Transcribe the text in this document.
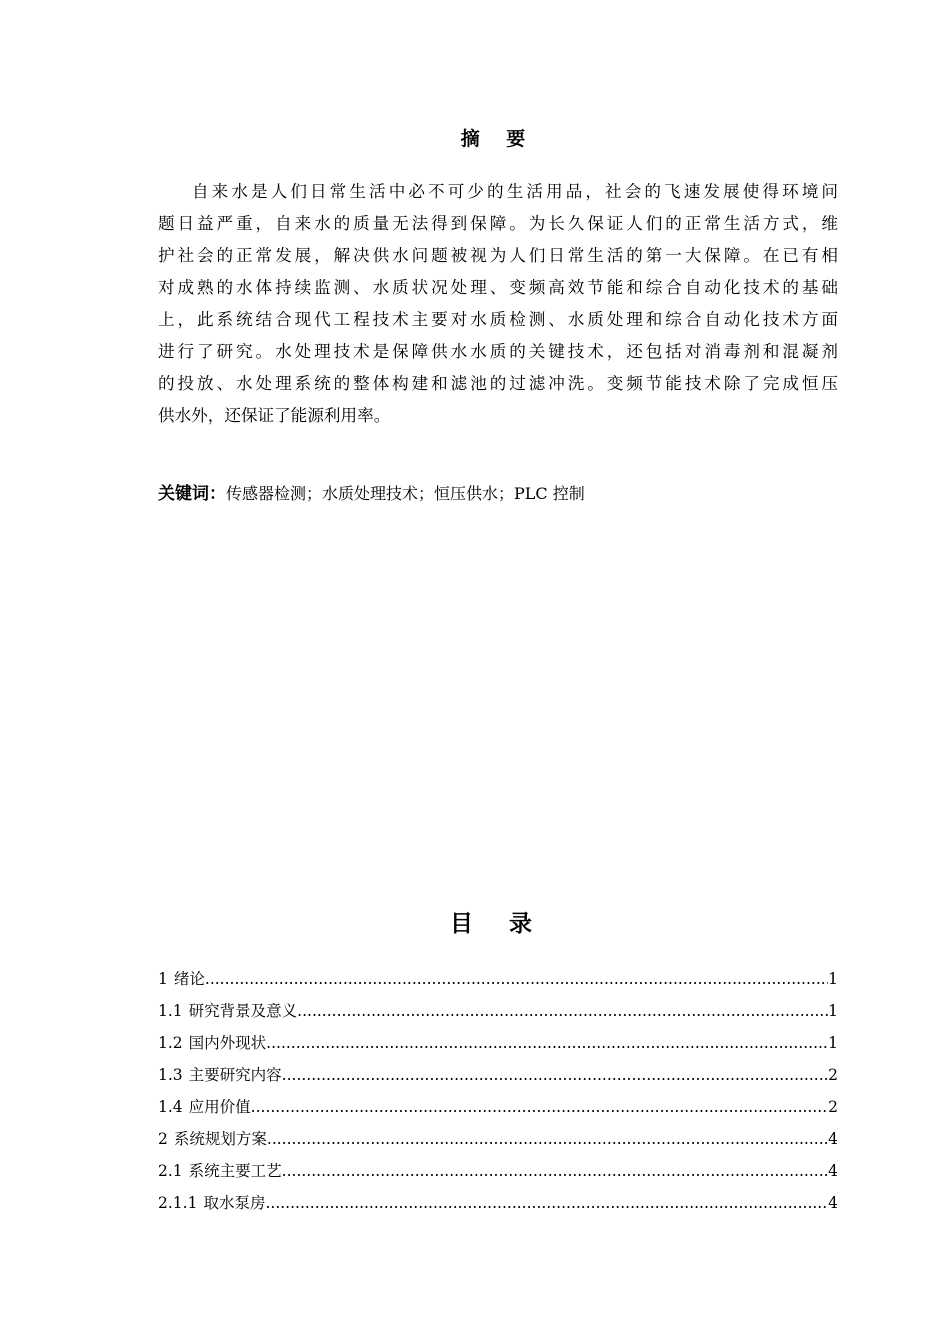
摘 要
自来水是人们日常生活中必不可少的生活用品，社会的飞速发展使得环境问
题日益严重，自来水的质量无法得到保障。为长久保证人们的正常生活方式，维
护社会的正常发展，解决供水问题被视为人们日常生活的第一大保障。在已有相
对成熟的水体持续监测、水质状况处理、变频高效节能和综合自动化技术的基础
上，此系统结合现代工程技术主要对水质检测、水质处理和综合自动化技术方面
进行了研究。水处理技术是保障供水水质的关键技术，还包括对消毒剂和混凝剂
的投放、水处理系统的整体构建和滤池的过滤冲洗。变频节能技术除了完成恒压
供水外，还保证了能源利用率。
关键词：传感器检测；水质处理技术；恒压供水；PLC 控制
目 录
1 绪论 .....	1
1.1 研究背景及意义 .....	1
1.2 国内外现状 .....	1
1.3 主要研究内容 .....	2
1.4 应用价值 .....	2
2 系统规划方案 .....	4
2.1 系统主要工艺 .....	4
2.1.1 取水泵房 .....	4
